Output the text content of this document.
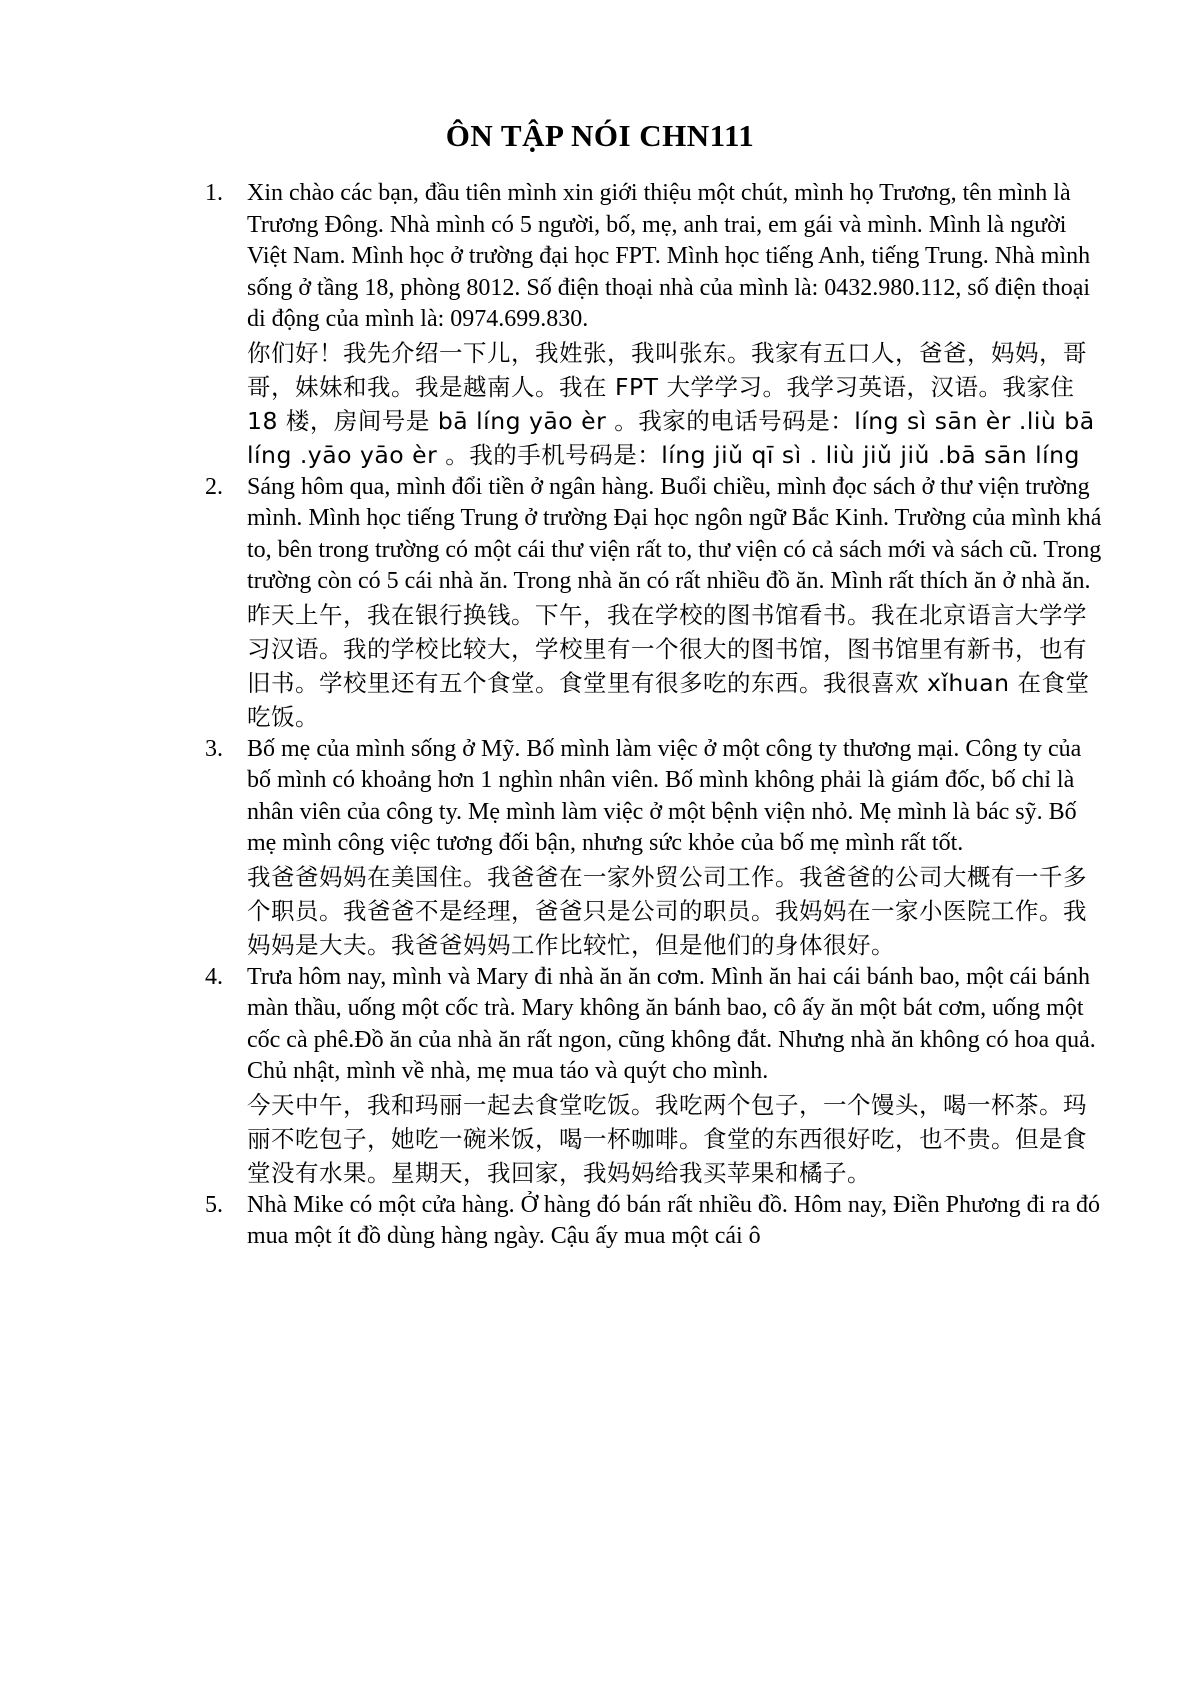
ÔN TẬP NÓI CHN111
1. Xin chào các bạn, đầu tiên mình xin giới thiệu một chút, mình họ Trương, tên mình là Trương Đông. Nhà mình có 5 người, bố, mẹ, anh trai, em gái và mình. Mình là người Việt Nam. Mình học ở trường đại học FPT. Mình học tiếng Anh, tiếng Trung. Nhà mình sống ở tầng 18, phòng 8012. Số điện thoại nhà của mình là: 0432.980.112, số điện thoại di động của mình là: 0974.699.830.

你们好！我先介绍一下儿，我姓张，我叫张东。我家有五口人，爸爸，妈妈，哥哥，妹妹和我。我是越南人。我在 FPT 大学学习。我学习英语，汉语。我家住 18 楼，房间号是 bā líng yāo èr 。我家的电话号码是：líng sì sān èr .liù bā líng .yāo yāo èr 。我的手机号码是：líng jiǔ qī sì . liù jiǔ jiǔ .bā sān líng

2. Sáng hôm qua, mình đổi tiền ở ngân hàng. Buổi chiều, mình đọc sách ở thư viện trường mình. Mình học tiếng Trung ở trường Đại học ngôn ngữ Bắc Kinh. Trường của mình khá to, bên trong trường có một cái thư viện rất to, thư viện có cả sách mới và sách cũ. Trong trường còn có 5 cái nhà ăn. Trong nhà ăn có rất nhiều đồ ăn. Mình rất thích ăn ở nhà ăn.

昨天上午，我在银行换钱。下午，我在学校的图书馆看书。我在北京语言大学学习汉语。我的学校比较大，学校里有一个很大的图书馆，图书馆里有新书，也有旧书。学校里还有五个食堂。食堂里有很多吃的东西。我很喜欢 xǐhuan 在食堂吃饭。

3. Bố mẹ của mình sống ở Mỹ. Bố mình làm việc ở một công ty thương mại. Công ty của bố mình có khoảng hơn 1 nghìn nhân viên. Bố mình không phải là giám đốc, bố chỉ là nhân viên của công ty. Mẹ mình làm việc ở một bệnh viện nhỏ. Mẹ mình là bác sỹ. Bố mẹ mình công việc tương đối bận, nhưng sức khỏe của bố mẹ mình rất tốt.

我爸爸妈妈在美国住。我爸爸在一家外贸公司工作。我爸爸的公司大概有一千多个职员。我爸爸不是经理，爸爸只是公司的职员。我妈妈在一家小医院工作。我妈妈是大夫。我爸爸妈妈工作比较忙，但是他们的身体很好。

4. Trưa hôm nay, mình và Mary đi nhà ăn ăn cơm. Mình ăn hai cái bánh bao, một cái bánh màn thầu, uống một cốc trà. Mary không ăn bánh bao, cô ấy ăn một bát cơm, uống một cốc cà phê.Đồ ăn của nhà ăn rất ngon, cũng không đắt. Nhưng nhà ăn không có hoa quả. Chủ nhật, mình về nhà, mẹ mua táo và quýt cho mình.

今天中午，我和玛丽一起去食堂吃饭。我吃两个包子，一个馒头，喝一杯茶。玛丽不吃包子，她吃一碗米饭，喝一杯咖啡。食堂的东西很好吃，也不贵。但是食堂没有水果。星期天，我回家，我妈妈给我买苹果和橘子。

5. Nhà Mike có một cửa hàng. Ở hàng đó bán rất nhiều đồ. Hôm nay, Điền Phương đi ra đó mua một ít đồ dùng hàng ngày. Cậu ấy mua một cái ô
